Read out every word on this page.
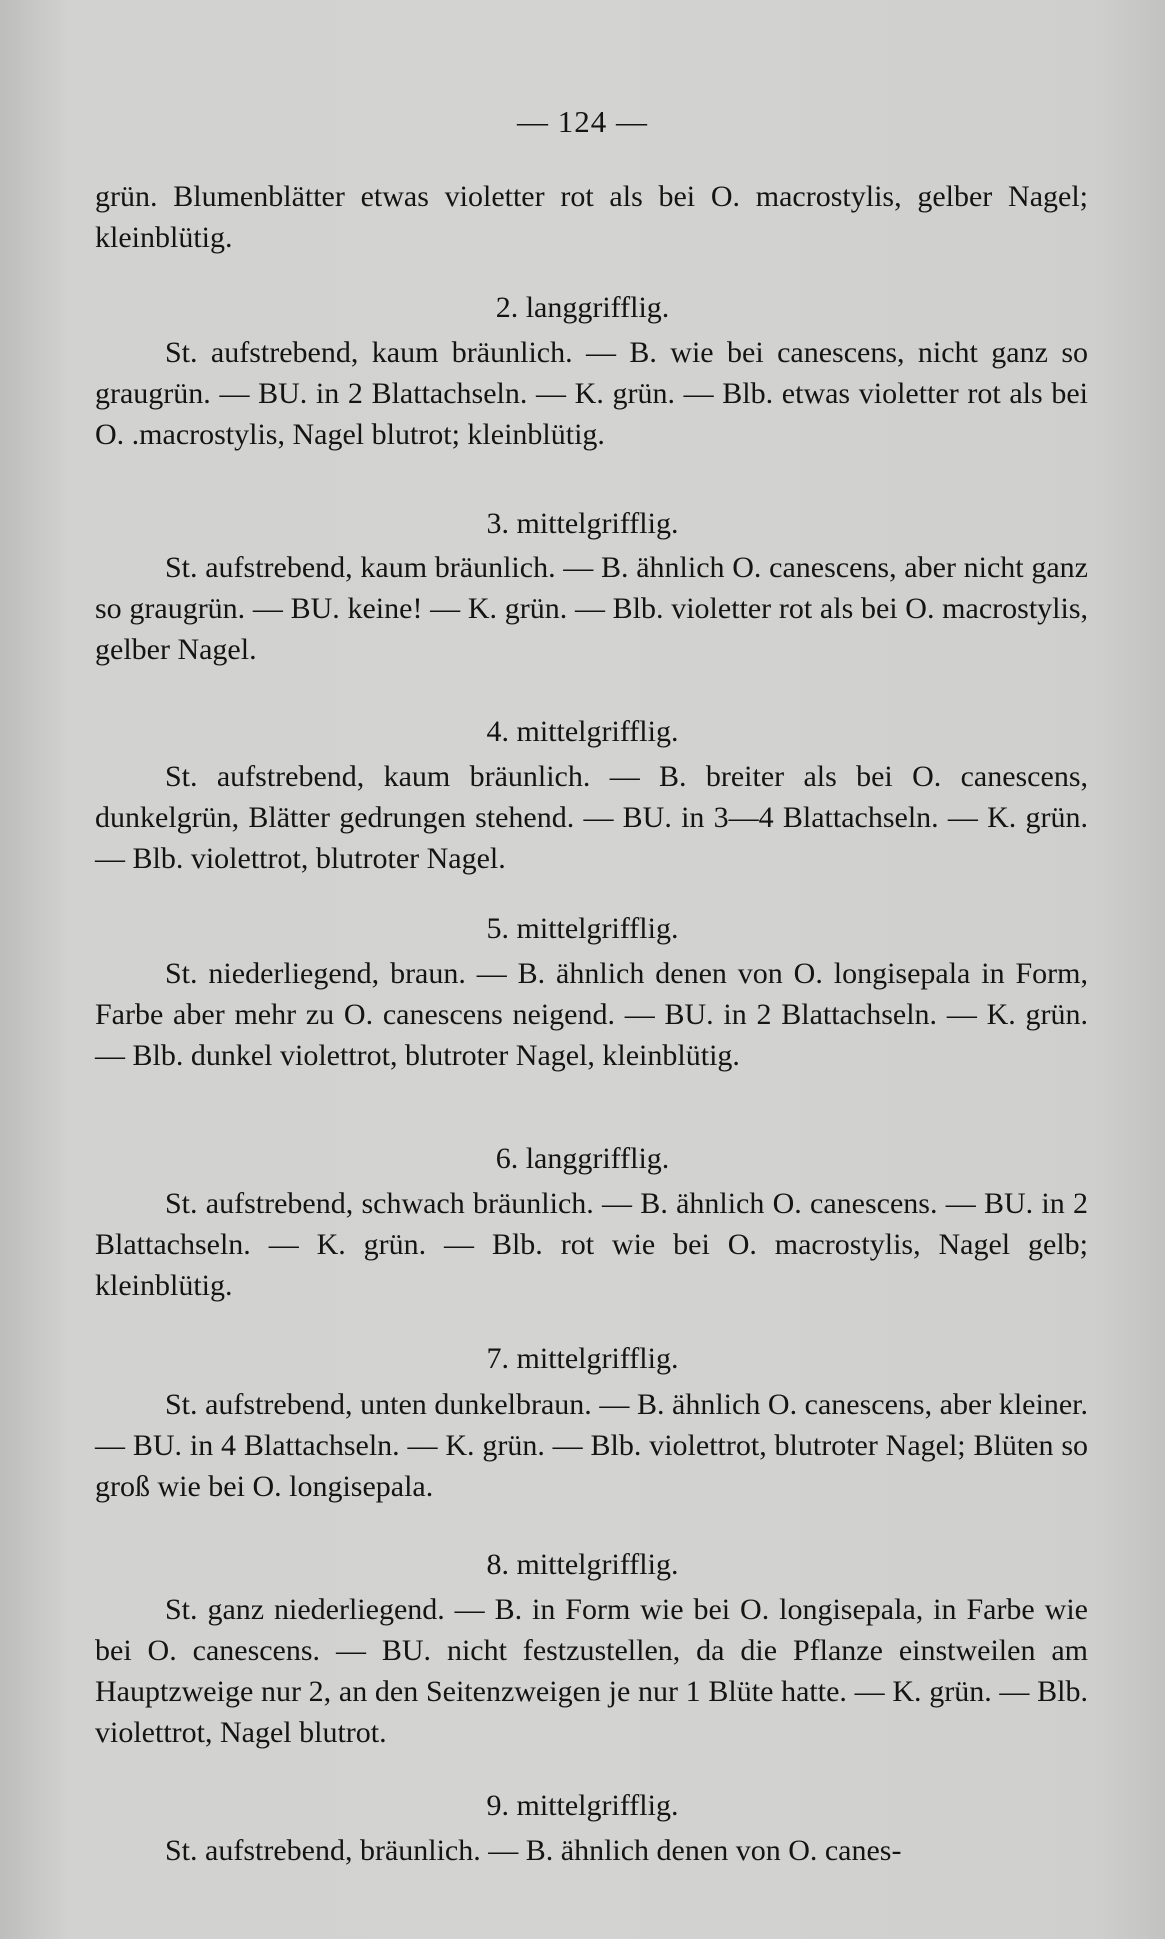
— 124 —

grün. Blumenblätter etwas violetter rot als bei O. macrostylis, gelber Nagel; kleinblütig.

2. langgrifflig.

St. aufstrebend, kaum bräunlich. — B. wie bei canescens, nicht ganz so graugrün. — BU. in 2 Blattachseln. — K. grün. — Blb. etwas violetter rot als bei O. .macrostylis, Nagel blutrot; kleinblütig.

3. mittelgrifflig.

St. aufstrebend, kaum bräunlich. — B. ähnlich O. canescens, aber nicht ganz so graugrün. — BU. keine! — K. grün. — Blb. violetter rot als bei O. macrostylis, gelber Nagel.

4. mittelgrifflig.

St. aufstrebend, kaum bräunlich. — B. breiter als bei O. canescens, dunkelgrün, Blätter gedrungen stehend. — BU. in 3—4 Blattachseln. — K. grün. — Blb. violettrot, blutroter Nagel.

5. mittelgrifflig.

St. niederliegend, braun. — B. ähnlich denen von O. longisepala in Form, Farbe aber mehr zu O. canescens neigend. — BU. in 2 Blattachseln. — K. grün. — Blb. dunkel violettrot, blutroter Nagel, kleinblütig.

6. langgrifflig.

St. aufstrebend, schwach bräunlich. — B. ähnlich O. canescens. — BU. in 2 Blattachseln. — K. grün. — Blb. rot wie bei O. macrostylis, Nagel gelb; kleinblütig.

7. mittelgrifflig.

St. aufstrebend, unten dunkelbraun. — B. ähnlich O. canescens, aber kleiner. — BU. in 4 Blattachseln. — K. grün. — Blb. violettrot, blutroter Nagel; Blüten so groß wie bei O. longisepala.

8. mittelgrifflig.

St. ganz niederliegend. — B. in Form wie bei O. longisepala, in Farbe wie bei O. canescens. — BU. nicht festzustellen, da die Pflanze einstweilen am Hauptzweige nur 2, an den Seitenzweigen je nur 1 Blüte hatte. — K. grün. — Blb. violettrot, Nagel blutrot.

9. mittelgrifflig.

St. aufstrebend, bräunlich. — B. ähnlich denen von O. canes-
